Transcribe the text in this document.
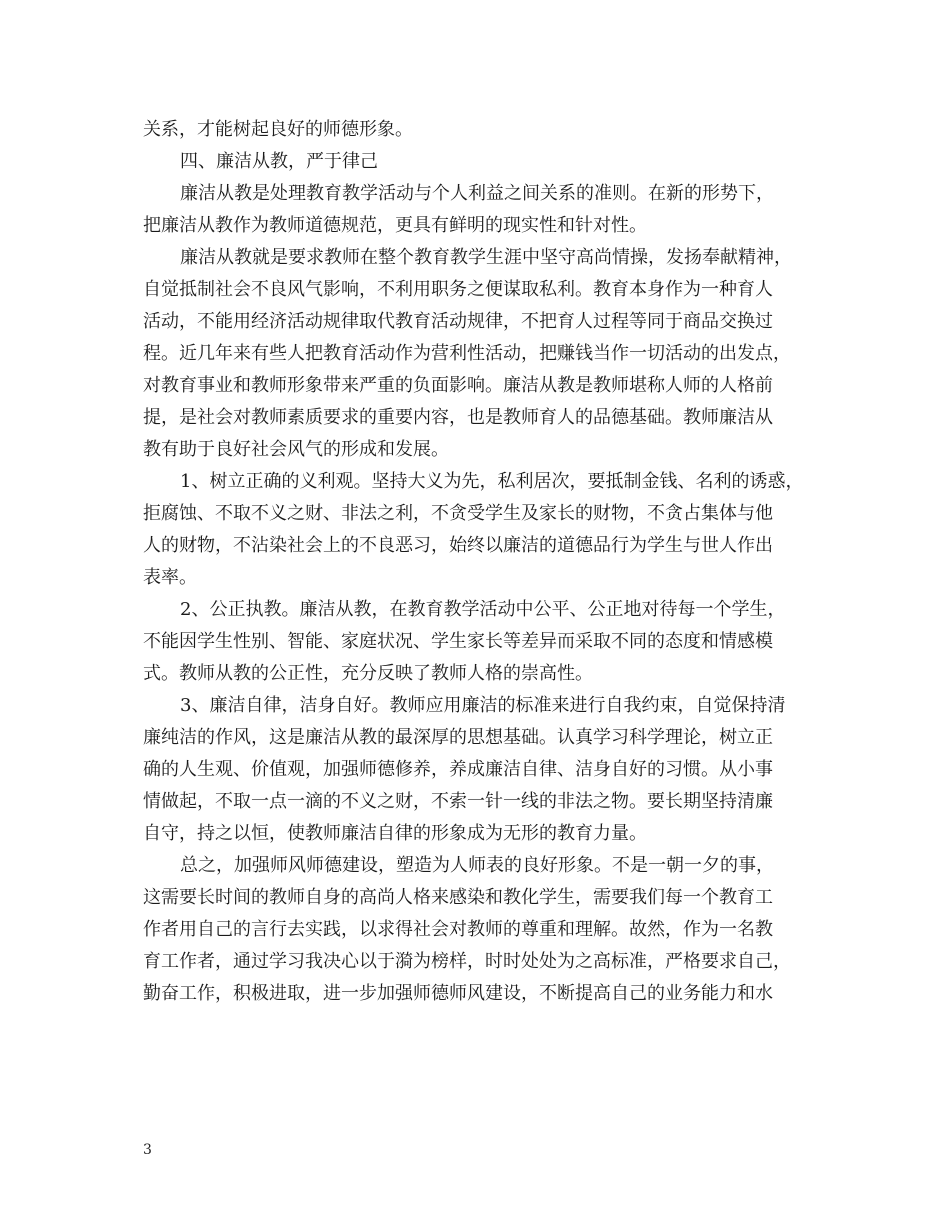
关系，才能树起良好的师德形象。
四、廉洁从教，严于律己
廉洁从教是处理教育教学活动与个人利益之间关系的准则。在新的形势下，
把廉洁从教作为教师道德规范，更具有鲜明的现实性和针对性。
廉洁从教就是要求教师在整个教育教学生涯中坚守高尚情操，发扬奉献精神，
自觉抵制社会不良风气影响，不利用职务之便谋取私利。教育本身作为一种育人
活动，不能用经济活动规律取代教育活动规律，不把育人过程等同于商品交换过
程。近几年来有些人把教育活动作为营利性活动，把赚钱当作一切活动的出发点，
对教育事业和教师形象带来严重的负面影响。廉洁从教是教师堪称人师的人格前
提，是社会对教师素质要求的重要内容，也是教师育人的品德基础。教师廉洁从
教有助于良好社会风气的形成和发展。
1、树立正确的义利观。坚持大义为先，私利居次，要抵制金钱、名利的诱惑，
拒腐蚀、不取不义之财、非法之利，不贪受学生及家长的财物，不贪占集体与他
人的财物，不沾染社会上的不良恶习，始终以廉洁的道德品行为学生与世人作出
表率。
2、公正执教。廉洁从教，在教育教学活动中公平、公正地对待每一个学生，
不能因学生性别、智能、家庭状况、学生家长等差异而采取不同的态度和情感模
式。教师从教的公正性，充分反映了教师人格的崇高性。
3、廉洁自律，洁身自好。教师应用廉洁的标准来进行自我约束，自觉保持清
廉纯洁的作风，这是廉洁从教的最深厚的思想基础。认真学习科学理论，树立正
确的人生观、价值观，加强师德修养，养成廉洁自律、洁身自好的习惯。从小事
情做起，不取一点一滴的不义之财，不索一针一线的非法之物。要长期坚持清廉
自守，持之以恒，使教师廉洁自律的形象成为无形的教育力量。
总之，加强师风师德建设，塑造为人师表的良好形象。不是一朝一夕的事，
这需要长时间的教师自身的高尚人格来感染和教化学生，需要我们每一个教育工
作者用自己的言行去实践，以求得社会对教师的尊重和理解。故然，作为一名教
育工作者，通过学习我决心以于漪为榜样，时时处处为之高标准，严格要求自己，
勤奋工作，积极进取，进一步加强师德师风建设，不断提高自己的业务能力和水
3
